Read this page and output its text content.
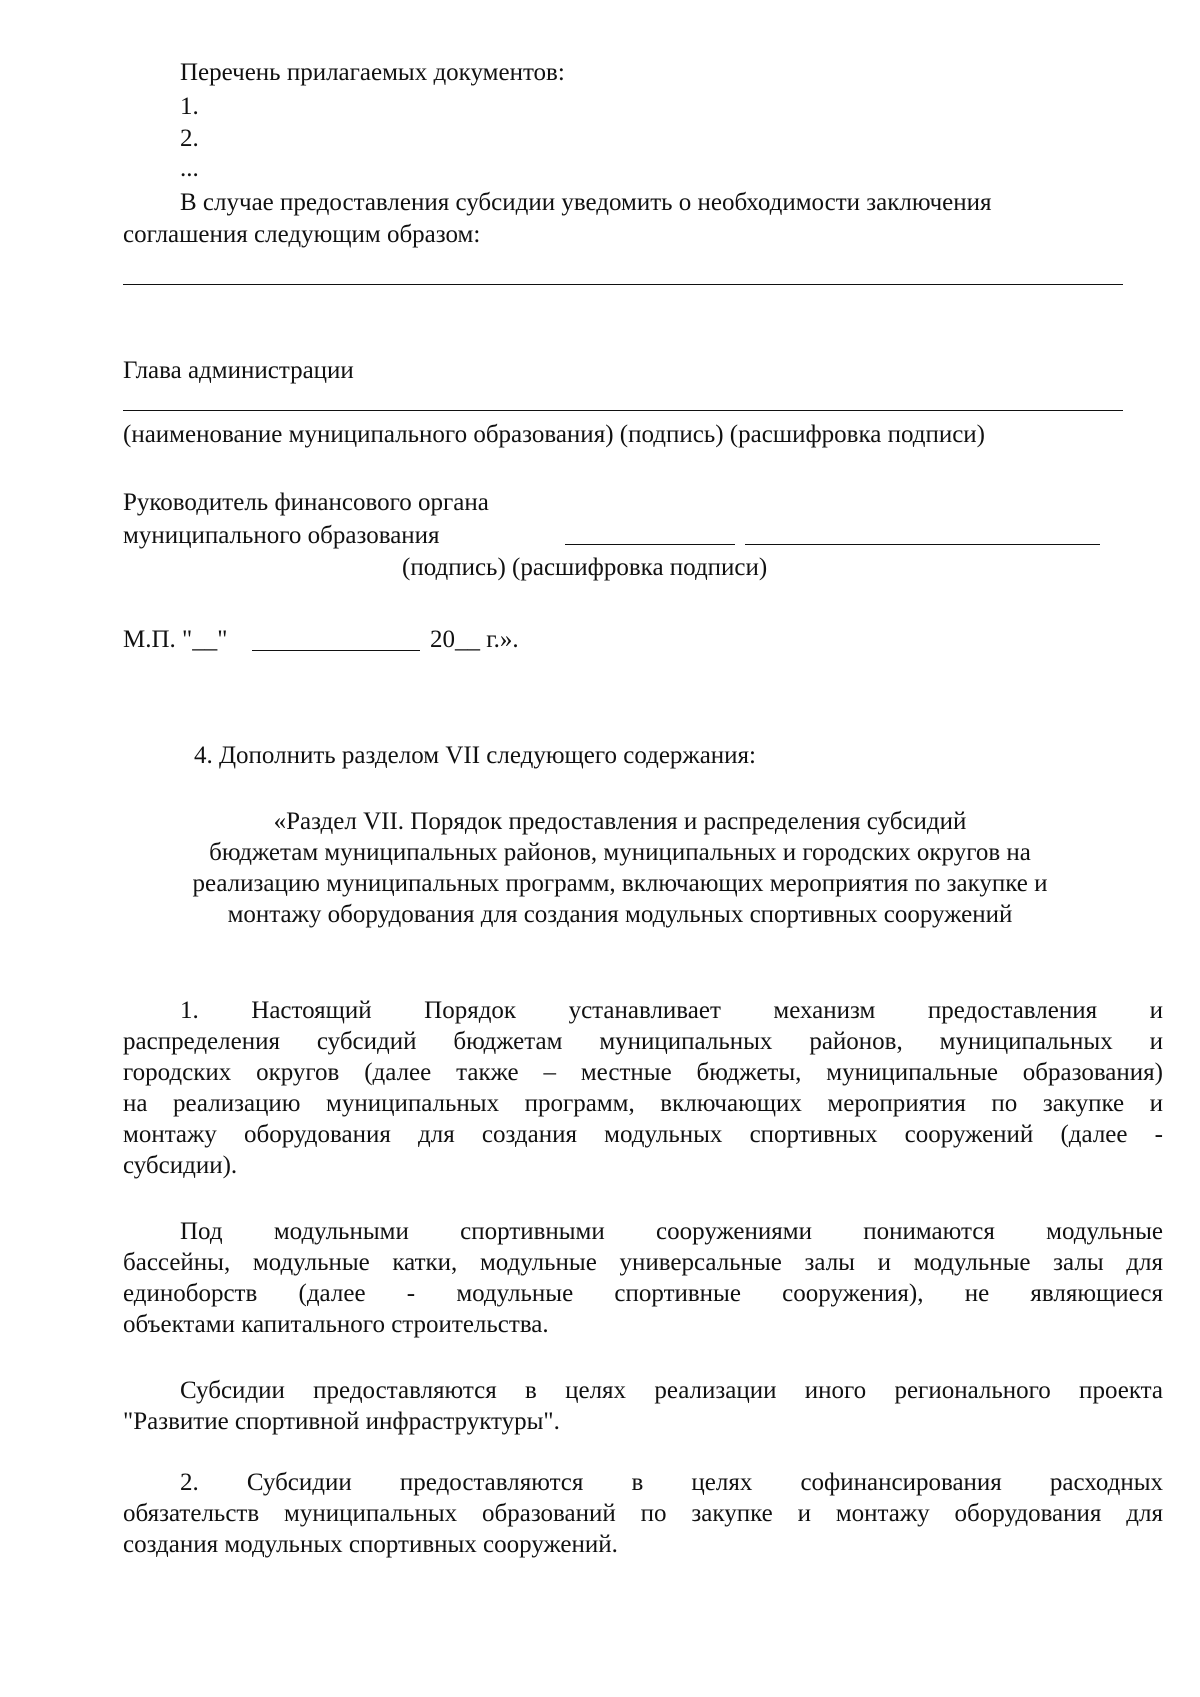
Перечень прилагаемых документов:
1.
2.
...
В случае предоставления субсидии уведомить о необходимости заключения
соглашения следующим образом:
Глава администрации
(наименование муниципального образования) (подпись) (расшифровка подписи)
Руководитель финансового органа
муниципального образования
(подпись) (расшифровка подписи)
М.П. "__"	20__ г.».
4. Дополнить разделом VII следующего содержания:
«Раздел VII. Порядок предоставления и распределения субсидий
бюджетам муниципальных районов, муниципальных и городских округов на
реализацию муниципальных программ, включающих мероприятия по закупке и
монтажу оборудования для создания модульных спортивных сооружений
1. Настоящий Порядок устанавливает механизм предоставления и
распределения субсидий бюджетам муниципальных районов, муниципальных и
городских округов (далее также – местные бюджеты, муниципальные образования)
на реализацию муниципальных программ, включающих мероприятия по закупке и
монтажу оборудования для создания модульных спортивных сооружений (далее -
субсидии).
Под модульными спортивными сооружениями понимаются модульные
бассейны, модульные катки, модульные универсальные залы и модульные залы для
единоборств (далее - модульные спортивные сооружения), не являющиеся
объектами капитального строительства.
Субсидии предоставляются в целях реализации иного регионального проекта
"Развитие спортивной инфраструктуры".
2. Субсидии предоставляются в целях софинансирования расходных
обязательств муниципальных образований по закупке и монтажу оборудования для
создания модульных спортивных сооружений.
